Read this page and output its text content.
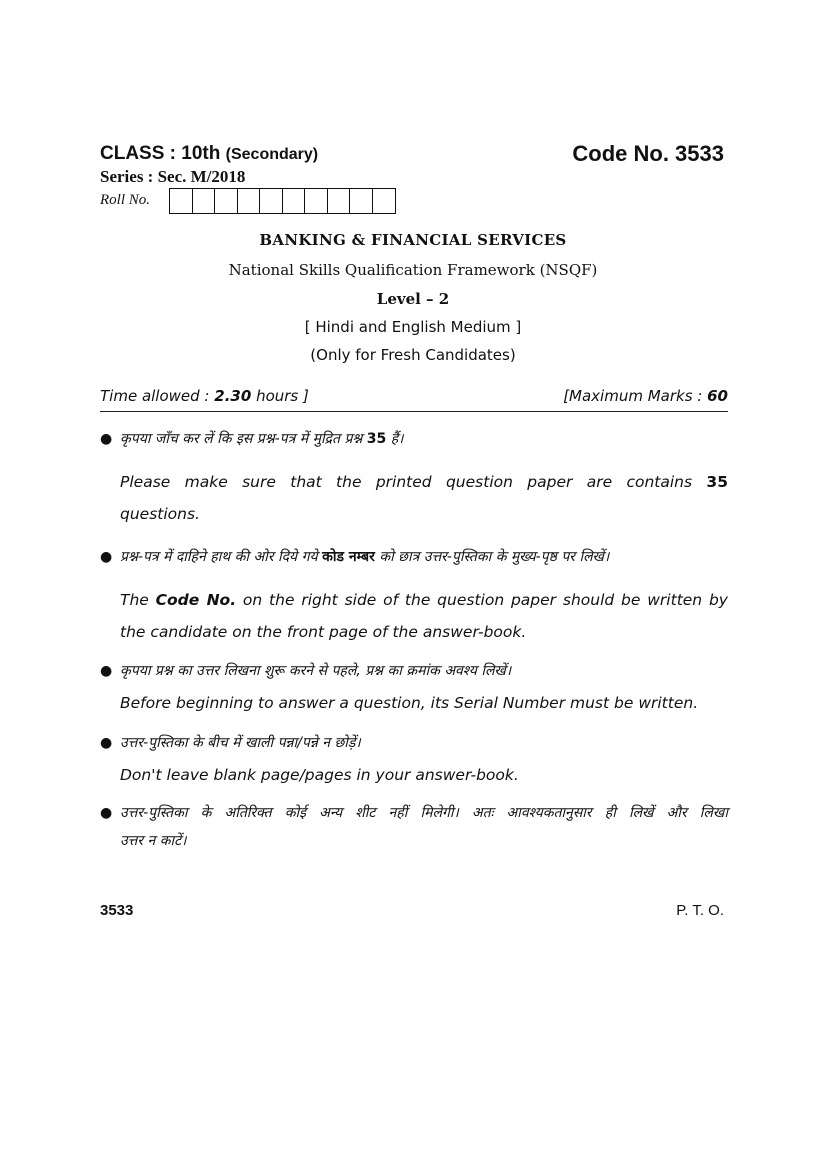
CLASS : 10th (Secondary)	Code No. 3533
Series : Sec. M/2018
Roll No.
BANKING & FINANCIAL SERVICES
National Skills Qualification Framework (NSQF)
Level – 2
[ Hindi and English Medium ]
(Only for Fresh Candidates)
Time allowed : 2.30 hours ]	[Maximum Marks : 60
● कृपया जाँच कर लें कि इस प्रश्न-पत्र में मुद्रित प्रश्न 35 हैं।
Please make sure that the printed question paper are contains 35
questions.
● प्रश्न-पत्र में दाहिने हाथ की ओर दिये गये कोड नम्बर को छात्र उत्तर-पुस्तिका के मुख्य-पृष्ठ पर लिखें।
The Code No. on the right side of the question paper should be written by
the candidate on the front page of the answer-book.
● कृपया प्रश्न का उत्तर लिखना शुरू करने से पहले, प्रश्न का क्रमांक अवश्य लिखें।
Before beginning to answer a question, its Serial Number must be written.
● उत्तर-पुस्तिका के बीच में खाली पन्ना/पन्ने न छोड़ें।
Don't leave blank page/pages in your answer-book.
● उत्तर-पुस्तिका के अतिरिक्त कोई अन्य शीट नहीं मिलेगी। अतः आवश्यकतानुसार ही लिखें और लिखा
उत्तर न काटें।
3533	P. T. O.
